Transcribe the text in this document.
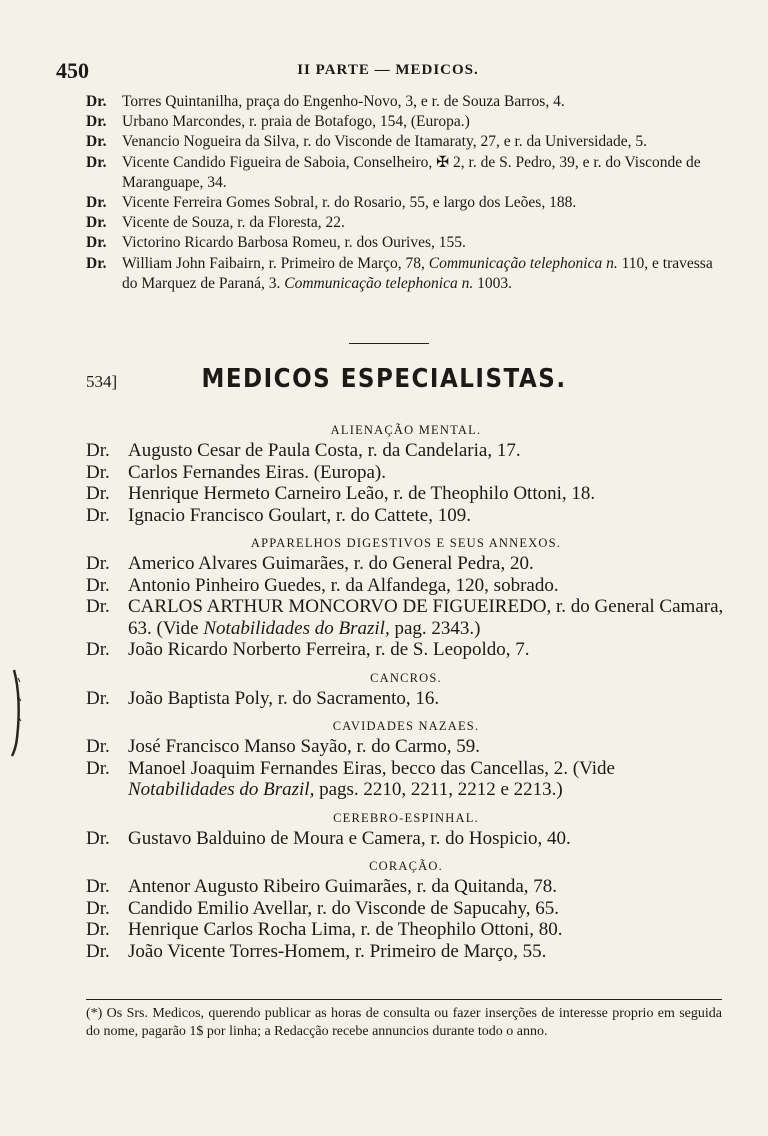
450	II PARTE — MEDICOS.
Dr. Torres Quintanilha, praça do Engenho-Novo, 3, e r. de Souza Barros, 4.
Dr. Urbano Marcondes, r. praia de Botafogo, 154, (Europa.)
Dr. Venancio Nogueira da Silva, r. do Visconde de Itamaraty, 27, e r. da Universidade, 5.
Dr. Vicente Candido Figueira de Saboia, Conselheiro, ✠ 2, r. de S. Pedro, 39, e r. do Visconde de Maranguape, 34.
Dr. Vicente Ferreira Gomes Sobral, r. do Rosario, 55, e largo dos Leões, 188.
Dr. Vicente de Souza, r. da Floresta, 22.
Dr. Victorino Ricardo Barbosa Romeu, r. dos Ourives, 155.
Dr. William John Faibairn, r. Primeiro de Março, 78, Communicação telephonica n. 110, e travessa do Marquez de Paraná, 3. Communicação telephonica n. 1003.
534]	MEDICOS ESPECIALISTAS.
ALIENAÇÃO MENTAL.
Dr. Augusto Cesar de Paula Costa, r. da Candelaria, 17.
Dr. Carlos Fernandes Eiras. (Europa).
Dr. Henrique Hermeto Carneiro Leão, r. de Theophilo Ottoni, 18.
Dr. Ignacio Francisco Goulart, r. do Cattete, 109.
APPARELHOS DIGESTIVOS E SEUS ANNEXOS.
Dr. Americo Alvares Guimarães, r. do General Pedra, 20.
Dr. Antonio Pinheiro Guedes, r. da Alfandega, 120, sobrado.
Dr. CARLOS ARTHUR MONCORVO DE FIGUEIREDO, r. do General Camara, 63. (Vide Notabilidades do Brazil, pag. 2343.)
Dr. João Ricardo Norberto Ferreira, r. de S. Leopoldo, 7.
CANCROS.
Dr. João Baptista Poly, r. do Sacramento, 16.
CAVIDADES NAZAES.
Dr. José Francisco Manso Sayão, r. do Carmo, 59.
Dr. Manoel Joaquim Fernandes Eiras, becco das Cancellas, 2. (Vide Notabilidades do Brazil, pags. 2210, 2211, 2212 e 2213.)
CEREBRO-ESPINHAL.
Dr. Gustavo Balduino de Moura e Camera, r. do Hospicio, 40.
CORAÇÃO.
Dr. Antenor Augusto Ribeiro Guimarães, r. da Quitanda, 78.
Dr. Candido Emilio Avellar, r. do Visconde de Sapucahy, 65.
Dr. Henrique Carlos Rocha Lima, r. de Theophilo Ottoni, 80.
Dr. João Vicente Torres-Homem, r. Primeiro de Março, 55.
(*) Os Srs. Medicos, querendo publicar as horas de consulta ou fazer inserções de interesse proprio em seguida do nome, pagarão 1$ por linha; a Redacção recebe annuncios durante todo o anno.
